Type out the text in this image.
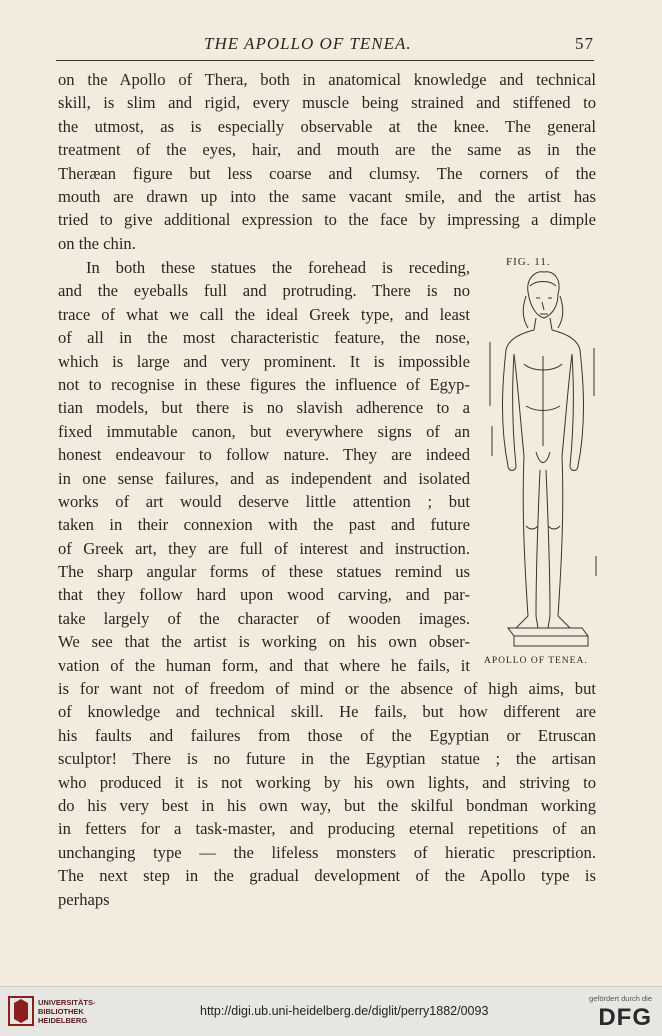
THE APOLLO OF TENEA.	57
on the Apollo of Thera, both in anatomical knowledge and technical
skill, is slim and rigid, every muscle being strained and stiffened to
the utmost, as is especially observable at the knee. The general
treatment of the eyes, hair, and mouth are the same as in the
Theræan figure but less coarse and clumsy. The corners of the
mouth are drawn up into the same vacant smile, and the artist has
tried to give additional expression to the face by impressing a dimple
on the chin.
In both these statues the forehead is receding,
and the eyeballs full and protruding. There is no
trace of what we call the ideal Greek type, and least
of all in the most characteristic feature, the nose,
which is large and very prominent. It is impossible
not to recognise in these figures the influence of Egyp-
tian models, but there is no slavish adherence to a
fixed immutable canon, but everywhere signs of an
honest endeavour to follow nature. They are indeed
in one sense failures, and as independent and isolated
works of art would deserve little attention ; but
taken in their connexion with the past and future
of Greek art, they are full of interest and instruction.
The sharp angular forms of these statues remind us
that they follow hard upon wood carving, and par-
take largely of the character of wooden images.
We see that the artist is working on his own obser-
vation of the human form, and that where he fails, it
is for want not of freedom of mind or the absence of high aims, but
of knowledge and technical skill. He fails, but how different are
his faults and failures from those of the Egyptian or Etruscan
sculptor! There is no future in the Egyptian statue ; the artisan
who produced it is not working by his own lights, and striving to
do his very best in his own way, but the skilful bondman working
in fetters for a task-master, and producing eternal repetitions of an
unchanging type — the lifeless monsters of hieratic prescription.
The next step in the gradual development of the Apollo type is
perhaps
FIG. 11.
APOLLO OF TENEA.
UNIVERSITÄTS-
BIBLIOTHEK
HEIDELBERG
http://digi.ub.uni-heidelberg.de/diglit/perry1882/0093
gefördert durch die
DFG
